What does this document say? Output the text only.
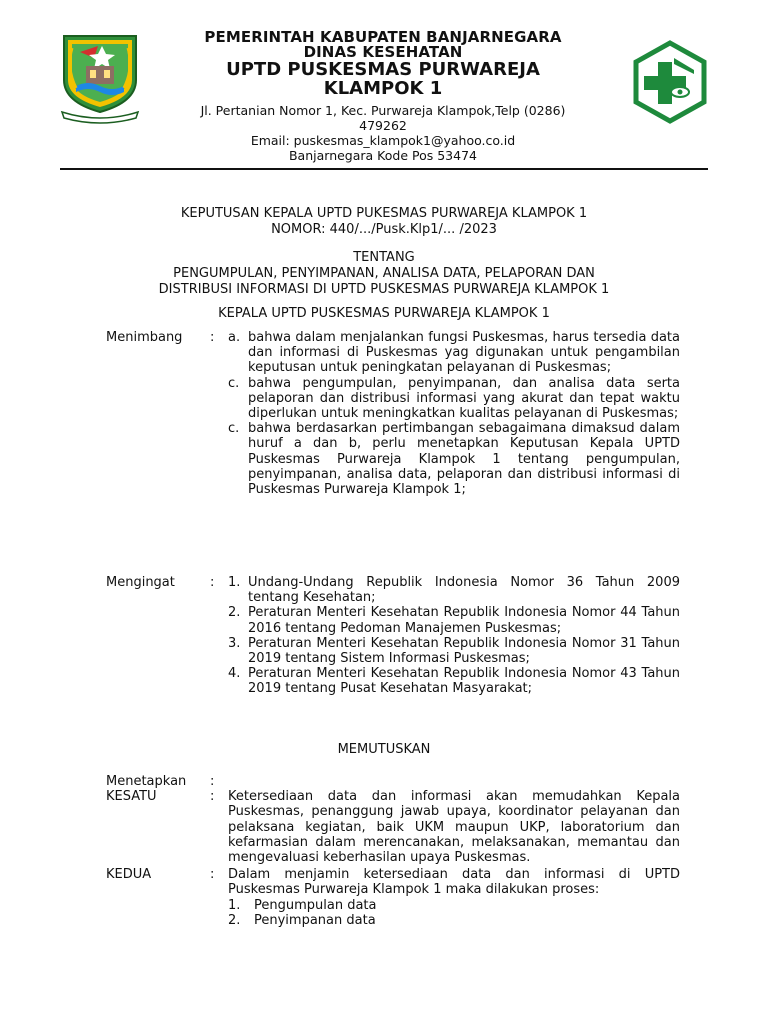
PEMERINTAH KABUPATEN BANJARNEGARA
DINAS KESEHATAN
UPTD PUSKESMAS PURWAREJA
KLAMPOK 1
Jl. Pertanian Nomor 1, Kec. Purwareja Klampok,Telp (0286)
479262
Email: puskesmas_klampok1@yahoo.co.id
Banjarnegara Kode Pos 53474
KEPUTUSAN KEPALA UPTD PUKESMAS PURWAREJA KLAMPOK 1
NOMOR: 440/.../Pusk.Klp1/... /2023
TENTANG
PENGUMPULAN, PENYIMPANAN, ANALISA DATA, PELAPORAN DAN
DISTRIBUSI INFORMASI DI UPTD PUSKESMAS PURWAREJA KLAMPOK 1
KEPALA UPTD PUSKESMAS PURWAREJA KLAMPOK 1
Menimbang	:	a. bahwa dalam menjalankan fungsi Puskesmas, harus tersedia data dan informasi di Puskesmas yag digunakan untuk pengambilan keputusan untuk peningkatan pelayanan di Puskesmas;
c. bahwa pengumpulan, penyimpanan, dan analisa data serta pelaporan dan distribusi informasi yang akurat dan tepat waktu diperlukan untuk meningkatkan kualitas pelayanan di Puskesmas;
c. bahwa berdasarkan pertimbangan sebagaimana dimaksud dalam huruf a dan b, perlu menetapkan Keputusan Kepala UPTD Puskesmas Purwareja Klampok 1 tentang pengumpulan, penyimpanan, analisa data, pelaporan dan distribusi informasi di Puskesmas Purwareja Klampok 1;
Mengingat	:	1. Undang-Undang Republik Indonesia Nomor 36 Tahun 2009 tentang Kesehatan;
2. Peraturan Menteri Kesehatan Republik Indonesia Nomor 44 Tahun 2016 tentang Pedoman Manajemen Puskesmas;
3. Peraturan Menteri Kesehatan Republik Indonesia Nomor 31 Tahun 2019 tentang Sistem Informasi Puskesmas;
4. Peraturan Menteri Kesehatan Republik Indonesia Nomor 43 Tahun 2019 tentang Pusat Kesehatan Masyarakat;
MEMUTUSKAN
Menetapkan	:
KESATU	:	Ketersediaan data dan informasi akan memudahkan Kepala Puskesmas, penanggung jawab upaya, koordinator pelayanan dan pelaksana kegiatan, baik UKM maupun UKP, laboratorium dan kefarmasian dalam merencanakan, melaksanakan, memantau dan mengevaluasi keberhasilan upaya Puskesmas.
KEDUA	:	Dalam menjamin ketersediaan data dan informasi di UPTD Puskesmas Purwareja Klampok 1 maka dilakukan proses:
1.	Pengumpulan data
2.	Penyimpanan data
